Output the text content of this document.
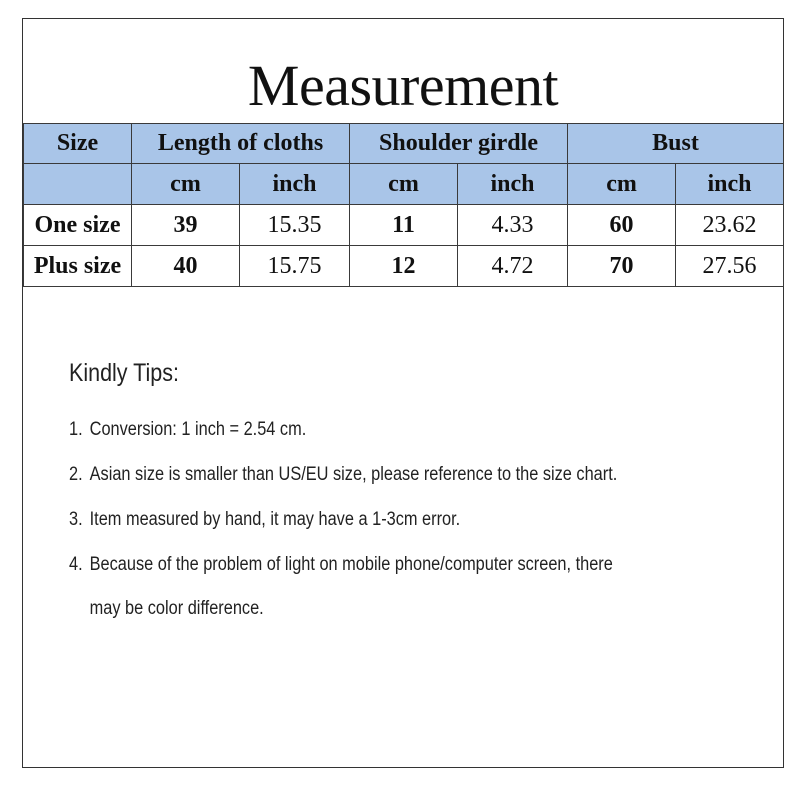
Measurement
Size	Length of cloths		Shoulder girdle		Bust	
	cm	inch	cm	inch	cm	inch
One size	39	15.35	11	4.33	60	23.62
Plus size	40	15.75	12	4.72	70	27.56
Kindly Tips:
1. Conversion: 1 inch = 2.54 cm.
2. Asian size is smaller than US/EU size, please reference to the size chart.
3. Item measured by hand, it may have a 1-3cm error.
4. Because of the problem of light on mobile phone/computer screen, there may be color difference.
